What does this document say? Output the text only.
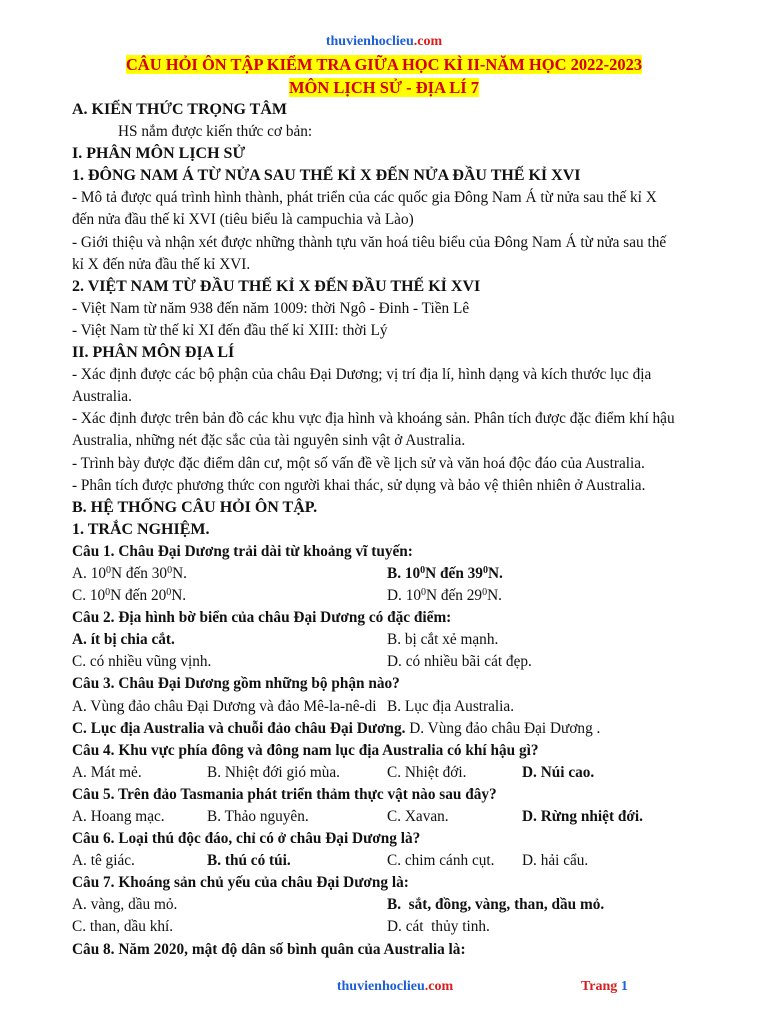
thuvienhoclieu.com
CÂU HỎI ÔN TẬP KIỂM TRA GIỮA HỌC KÌ II-NĂM HỌC 2022-2023
MÔN LỊCH SỬ - ĐỊA LÍ 7
A. KIẾN THỨC TRỌNG TÂM
HS nắm được kiến thức cơ bản:
I. PHÂN MÔN LỊCH SỬ
1. ĐÔNG NAM Á TỪ NỬA SAU THẾ KỈ X ĐẾN NỬA ĐẦU THẾ KỈ XVI
- Mô tả được quá trình hình thành, phát triển của các quốc gia Đông Nam Á từ nửa sau thế kỉ X
đến nửa đầu thế kỉ XVI (tiêu biểu là campuchia và Lào)
- Giới thiệu và nhận xét được những thành tựu văn hoá tiêu biểu của Đông Nam Á từ nửa sau thế
kỉ X đến nửa đầu thế kỉ XVI.
2. VIỆT NAM TỪ ĐẦU THẾ KỈ X ĐẾN ĐẦU THẾ KỈ XVI
- Việt Nam từ năm 938 đến năm 1009: thời Ngô - Đinh - Tiền Lê
- Việt Nam từ thế kỉ XI đến đầu thế kỉ XIII: thời Lý
II. PHÂN MÔN ĐỊA LÍ
- Xác định được các bộ phận của châu Đại Dương; vị trí địa lí, hình dạng và kích thước lục địa
Australia.
- Xác định được trên bản đồ các khu vực địa hình và khoáng sản. Phân tích được đặc điểm khí hậu
Australia, những nét đặc sắc của tài nguyên sinh vật ở Australia.
- Trình bày được đặc điểm dân cư, một số vấn đề về lịch sử và văn hoá độc đáo của Australia.
- Phân tích được phương thức con người khai thác, sử dụng và bảo vệ thiên nhiên ở Australia.
B. HỆ THỐNG CÂU HỎI ÔN TẬP.
1. TRẮC NGHIỆM.
Câu 1. Châu Đại Dương trải dài từ khoảng vĩ tuyến:
A. $10^0N$ đến $30^0N$.	B. $10^0N$ đến $39^0N$.
C. $10^0N$ đến $20^0N$.	D. $10^0N$ đến $29^0N$.
Câu 2. Địa hình bờ biển của châu Đại Dương có đặc điểm:
A. ít bị chia cắt.	B. bị cắt xẻ mạnh.
C. có nhiều vũng vịnh.	D. có nhiều bãi cát đẹp.
Câu 3. Châu Đại Dương gồm những bộ phận nào?
A. Vùng đảo châu Đại Dương và đảo Mê-la-nê-di B. Lục địa Australia.
C. Lục địa Australia và chuỗi đảo châu Đại Dương. D. Vùng đảo châu Đại Dương .
Câu 4. Khu vực phía đông và đông nam lục địa Australia có khí hậu gì?
A. Mát mẻ.	B. Nhiệt đới gió mùa.	C. Nhiệt đới.	D. Núi cao.
Câu 5. Trên đảo Tasmania phát triển thảm thực vật nào sau đây?
A. Hoang mạc.	B. Thảo nguyên.	C. Xavan.	D. Rừng nhiệt đới.
Câu 6. Loại thú độc đáo, chỉ có ở châu Đại Dương là?
A. tê giác.	B. thú có túi.	C. chim cánh cụt.	D. hải cẩu.
Câu 7. Khoáng sản chủ yếu của châu Đại Dương là:
A. vàng, dầu mỏ.	B.  sắt, đồng, vàng, than, dầu mỏ.
C. than, dầu khí.	D. cát  thủy tinh.
Câu 8. Năm 2020, mật độ dân số bình quân của Australia là:
thuvienhoclieu.com	Trang 1
